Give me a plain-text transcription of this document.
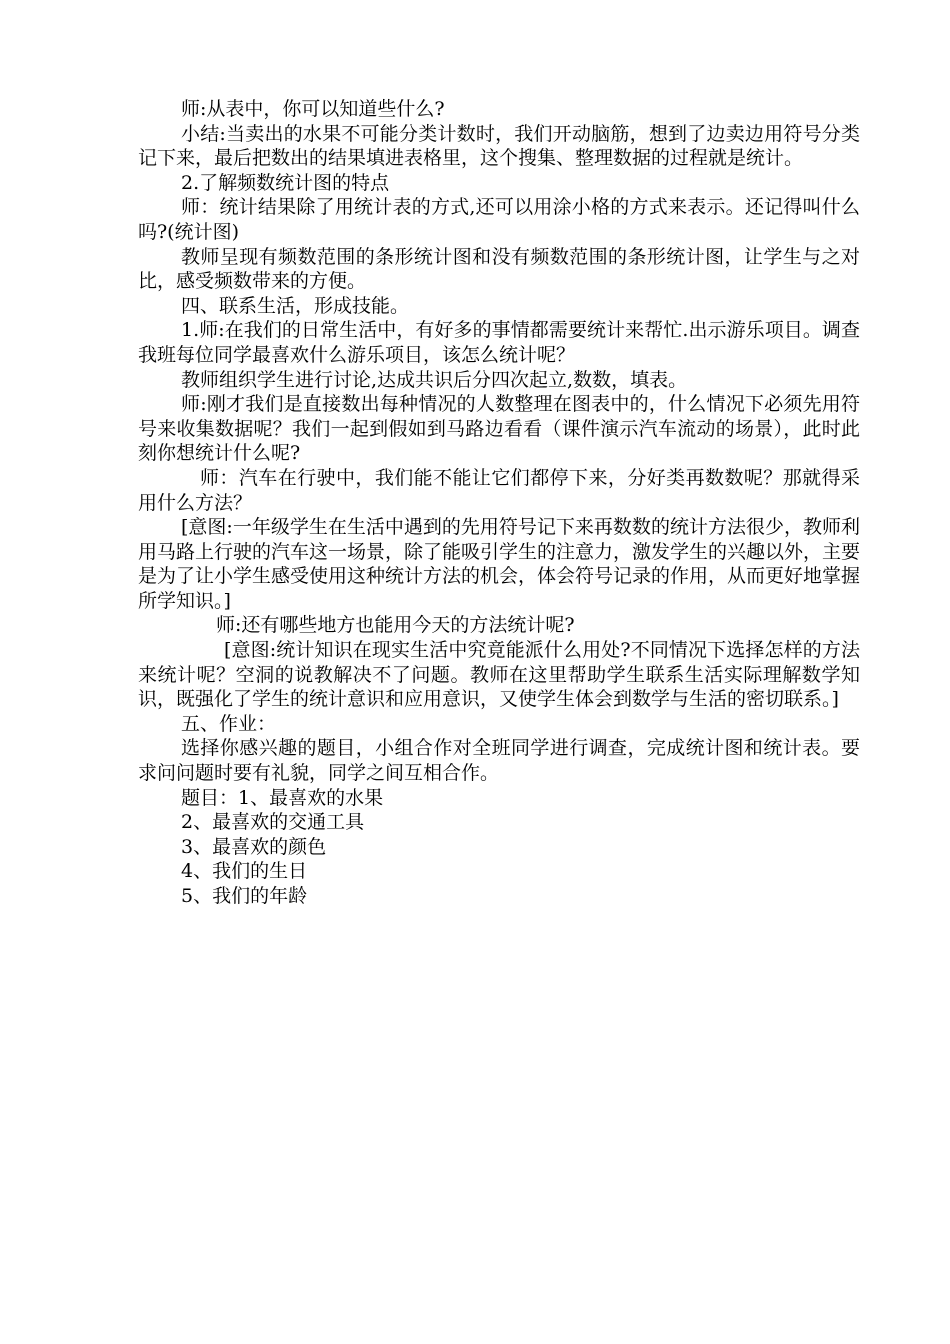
师:从表中，你可以知道些什么?

小结:当卖出的水果不可能分类计数时，我们开动脑筋，想到了边卖边用符号分类记下来，最后把数出的结果填进表格里，这个搜集、整理数据的过程就是统计。

2.了解频数统计图的特点

师：统计结果除了用统计表的方式,还可以用涂小格的方式来表示。还记得叫什么吗?(统计图)

教师呈现有频数范围的条形统计图和没有频数范围的条形统计图，让学生与之对比，感受频数带来的方便。

四、联系生活，形成技能。

1.师:在我们的日常生活中，有好多的事情都需要统计来帮忙.出示游乐项目。调查我班每位同学最喜欢什么游乐项目，该怎么统计呢？

教师组织学生进行讨论,达成共识后分四次起立,数数，填表。

师:刚才我们是直接数出每种情况的人数整理在图表中的，什么情况下必须先用符号来收集数据呢？我们一起到假如到马路边看看（课件演示汽车流动的场景），此时此刻你想统计什么呢?

师：汽车在行驶中，我们能不能让它们都停下来，分好类再数数呢？那就得采用什么方法？

[意图:一年级学生在生活中遇到的先用符号记下来再数数的统计方法很少，教师利用马路上行驶的汽车这一场景，除了能吸引学生的注意力，激发学生的兴趣以外，主要是为了让小学生感受使用这种统计方法的机会，体会符号记录的作用，从而更好地掌握所学知识。]

师:还有哪些地方也能用今天的方法统计呢?

[意图:统计知识在现实生活中究竟能派什么用处?不同情况下选择怎样的方法来统计呢？空洞的说教解决不了问题。教师在这里帮助学生联系生活实际理解数学知识，既强化了学生的统计意识和应用意识，又使学生体会到数学与生活的密切联系。]

五、作业：

选择你感兴趣的题目，小组合作对全班同学进行调查，完成统计图和统计表。要求问问题时要有礼貌，同学之间互相合作。

题目：1、最喜欢的水果

2、最喜欢的交通工具

3、最喜欢的颜色

4、我们的生日

5、我们的年龄
